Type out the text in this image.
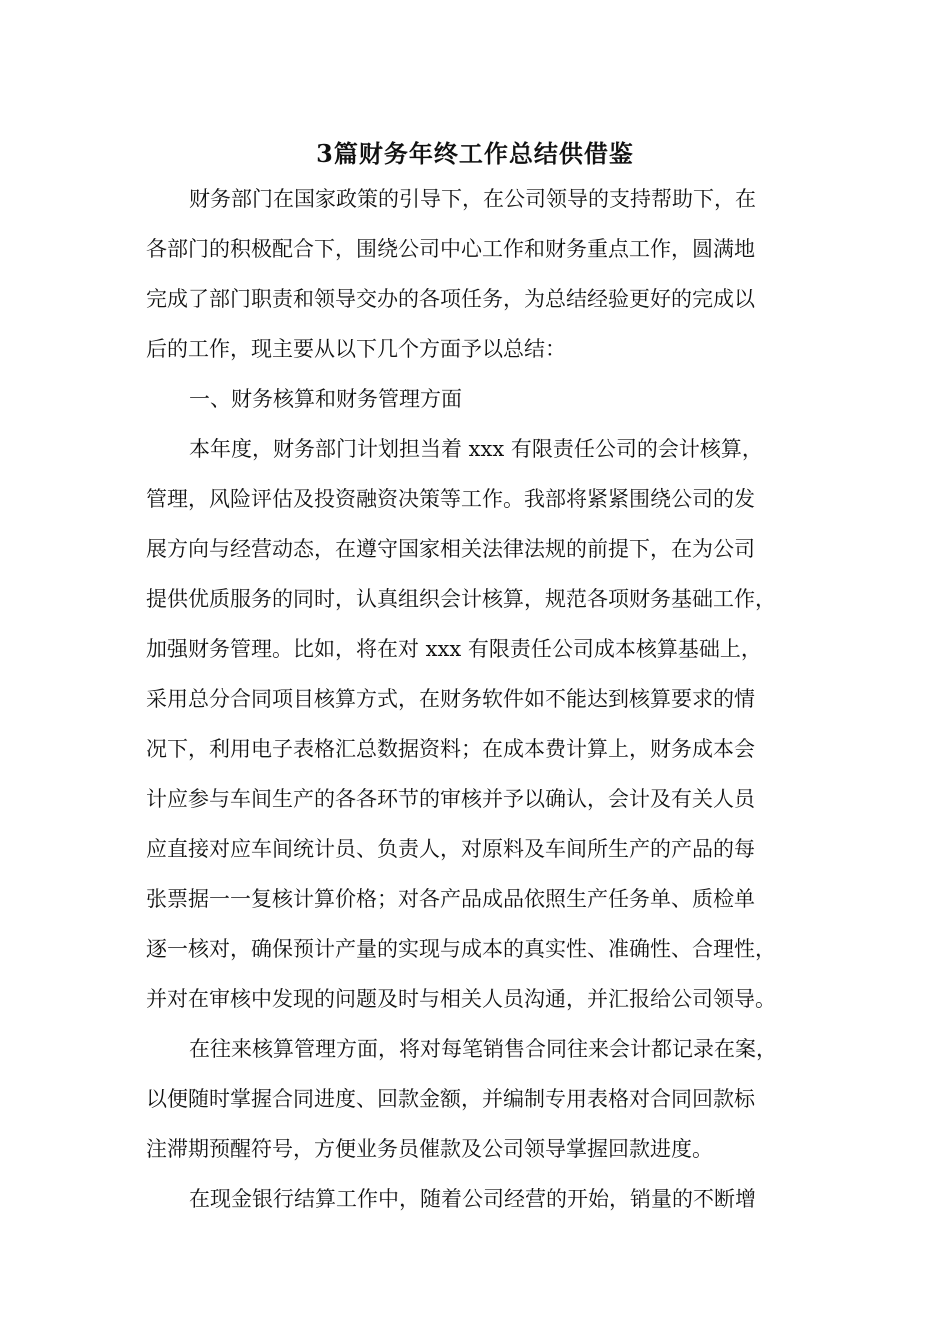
3篇财务年终工作总结供借鉴

财务部门在国家政策的引导下，在公司领导的支持帮助下，在

各部门的积极配合下，围绕公司中心工作和财务重点工作，圆满地

完成了部门职责和领导交办的各项任务，为总结经验更好的完成以

后的工作，现主要从以下几个方面予以总结：

一、财务核算和财务管理方面

本年度，财务部门计划担当着 xxx 有限责任公司的会计核算，

管理，风险评估及投资融资决策等工作。我部将紧紧围绕公司的发

展方向与经营动态，在遵守国家相关法律法规的前提下，在为公司

提供优质服务的同时，认真组织会计核算，规范各项财务基础工作，

加强财务管理。比如，将在对 xxx 有限责任公司成本核算基础上，

采用总分合同项目核算方式，在财务软件如不能达到核算要求的情

况下，利用电子表格汇总数据资料；在成本费计算上，财务成本会

计应参与车间生产的各各环节的审核并予以确认，会计及有关人员

应直接对应车间统计员、负责人，对原料及车间所生产的产品的每

张票据一一复核计算价格；对各产品成品依照生产任务单、质检单

逐一核对，确保预计产量的实现与成本的真实性、准确性、合理性，

并对在审核中发现的问题及时与相关人员沟通，并汇报给公司领导。

在往来核算管理方面，将对每笔销售合同往来会计都记录在案，

以便随时掌握合同进度、回款金额，并编制专用表格对合同回款标

注滞期预醒符号，方便业务员催款及公司领导掌握回款进度。

在现金银行结算工作中，随着公司经营的开始，销量的不断增
